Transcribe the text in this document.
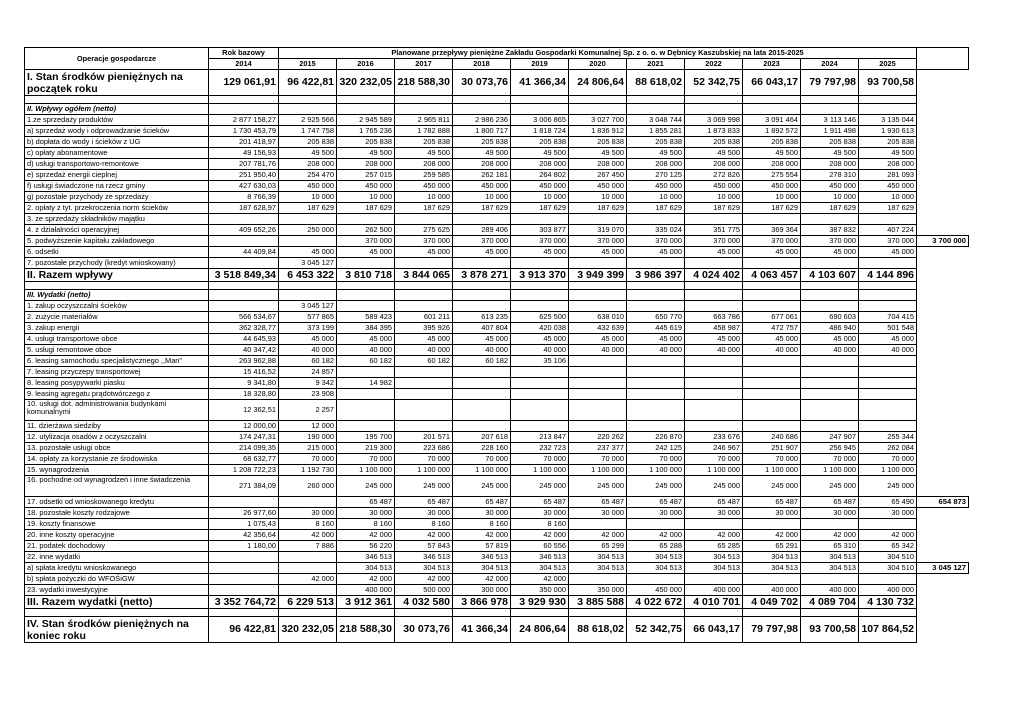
Operacje gospodarcze	Rok bazowy	Planowane przepływy pieniężne Zakładu Gospodarki Komunalnej Sp. z o. o. w Dębnicy Kaszubskiej na lata 2015-2025											
	2014	2015	2016	2017	2018	2019	2020	2021	2022	2023	2024	2025	
I. Stan środków pieniężnych na początek roku	129 061,91	96 422,81	320 232,05	218 588,30	30 073,76	41 366,34	24 806,64	88 618,02	52 342,75	66 043,17	79 797,98	93 700,58	

II. Wpływy ogółem (netto)													
1.ze sprzedaży produktów	2 877 158,27	2 925 566	2 945 589	2 965 811	2 986 236	3 006 865	3 027 700	3 048 744	3 069 998	3 091 464	3 113 146	3 135 044	
a) sprzedaż wody i odprowadzanie ścieków	1 730 453,79	1 747 758	1 765 236	1 782 888	1 800 717	1 818 724	1 836 912	1 855 281	1 873 833	1 892 572	1 911 498	1 930 613	
b) dopłata do wody i ścieków z UG	201 418,97	205 838	205 838	205 838	205 838	205 838	205 838	205 838	205 838	205 838	205 838	205 838	
c) opłaty abonamentowe	49 156,93	49 500	49 500	49 500	49 500	49 500	49 500	49 500	49 500	49 500	49 500	49 500	
d) usługi transportowo-remontowe	207 781,76	208 000	208 000	208 000	208 000	208 000	208 000	208 000	208 000	208 000	208 000	208 000	
e) sprzedaż energii cieplnej	251 950,40	254 470	257 015	259 585	262 181	264 802	267 450	270 125	272 826	275 554	278 310	281 093	
f) usługi świadczone na rzecz gminy	427 630,03	450 000	450 000	450 000	450 000	450 000	450 000	450 000	450 000	450 000	450 000	450 000	
g) pozostałe przychody ze sprzedaży	8 766,39	10 000	10 000	10 000	10 000	10 000	10 000	10 000	10 000	10 000	10 000	10 000	
2. opłaty z tyt. przekroczenia norm ścieków	187 628,97	187 629	187 629	187 629	187 629	187 629	187 629	187 629	187 629	187 629	187 629	187 629	
3. ze sprzedaży składników majątku													
4. z działalności operacyjnej	409 652,26	250 000	262 500	275 625	289 406	303 877	319 070	335 024	351 775	369 364	387 832	407 224	
5. podwyższenie kapitału zakładowego			370 000	370 000	370 000	370 000	370 000	370 000	370 000	370 000	370 000	370 000	3 700 000
6. odsetki	44 409,84	45 000	45 000	45 000	45 000	45 000	45 000	45 000	45 000	45 000	45 000	45 000	
7. pozostałe przychody (kredyt wnioskowany)		3 045 127											
II. Razem wpływy	3 518 849,34	6 453 322	3 810 718	3 844 065	3 878 271	3 913 370	3 949 399	3 986 397	4 024 402	4 063 457	4 103 607	4 144 896	

III. Wydatki (netto)													
1. zakup oczyszczalni ścieków		3 045 127											
2. zużycie materiałów	566 534,67	577 865	589 423	601 211	613 235	625 500	638 010	650 770	663 786	677 061	690 603	704 415	
3. zakup energii	362 328,77	373 199	384 395	395 926	407 804	420 038	432 639	445 619	458 987	472 757	486 940	501 548	
4. usługi transportowe obce	44 645,93	45 000	45 000	45 000	45 000	45 000	45 000	45 000	45 000	45 000	45 000	45 000	
5. usługi remontowe obce	40 347,42	40 000	40 000	40 000	40 000	40 000	40 000	40 000	40 000	40 000	40 000	40 000	
6. leasing samochodu specjalistycznego ,,Man"	263 962,88	60 182	60 182	60 182	60 182	35 106							
7. leasing przyczepy transportowej	15 416,52	24 857											
8. leasing posypywarki piasku	9 341,80	9 342	14 982										
9. leasing agregatu prądotwórczego z	18 328,80	23 908											
10. usługi dot. administrowania budynkami komunalnymi	12 362,51	2 257											
11. dzierżawa siedziby	12 000,00	12 000											
12. utylizacja osadów z oczyszczalni	174 247,31	190 000	195 700	201 571	207 618	213 847	220 262	226 870	233 676	240 686	247 907	255 344	
13. pozostałe usługi obce	214 099,35	215 000	219 300	223 686	228 160	232 723	237 377	242 125	246 967	251 907	256 945	262 084	
14. opłaty za korzystanie ze środowiska	68 632,77	70 000	70 000	70 000	70 000	70 000	70 000	70 000	70 000	70 000	70 000	70 000	
15. wynagrodzenia	1 208 722,23	1 192 730	1 100 000	1 100 000	1 100 000	1 100 000	1 100 000	1 100 000	1 100 000	1 100 000	1 100 000	1 100 000	
16. pochodne od wynagrodzeń i inne świadczenia	271 384,09	260 000	245 000	245 000	245 000	245 000	245 000	245 000	245 000	245 000	245 000	245 000	
17. odsetki od wnioskowanego kredytu			65 487	65 487	65 487	65 487	65 487	65 487	65 487	65 487	65 487	65 490	654 873
18. pozostałe koszty rodzajowe	26 977,60	30 000	30 000	30 000	30 000	30 000	30 000	30 000	30 000	30 000	30 000	30 000	
19. koszty finansowe	1 075,43	8 160	8 160	8 160	8 160	8 160							
20. inne koszty operacyjne	42 356,64	42 000	42 000	42 000	42 000	42 000	42 000	42 000	42 000	42 000	42 000	42 000	
21. podatek dochodowy	1 180,00	7 886	56 220	57 843	57 819	60 556	65 299	65 288	65 285	65 291	65 310	65 342	
22. inne wydatki			346 513	346 513	346 513	346 513	304 513	304 513	304 513	304 513	304 513	304 510	
a) spłata kredytu wnioskowanego			304 513	304 513	304 513	304 513	304 513	304 513	304 513	304 513	304 513	304 510	3 045 127
b) spłata pożyczki do WFOŚiGW		42 000	42 000	42 000	42 000	42 000							
23. wydatki inwestycyjne			400 000	500 000	300 000	350 000	350 000	450 000	400 000	400 000	400 000	400 000	
III. Razem wydatki (netto)	3 352 764,72	6 229 513	3 912 361	4 032 580	3 866 978	3 929 930	3 885 588	4 022 672	4 010 701	4 049 702	4 089 704	4 130 732	

IV. Stan środków pieniężnych na koniec roku	96 422,81	320 232,05	218 588,30	30 073,76	41 366,34	24 806,64	88 618,02	52 342,75	66 043,17	79 797,98	93 700,58	107 864,52	
